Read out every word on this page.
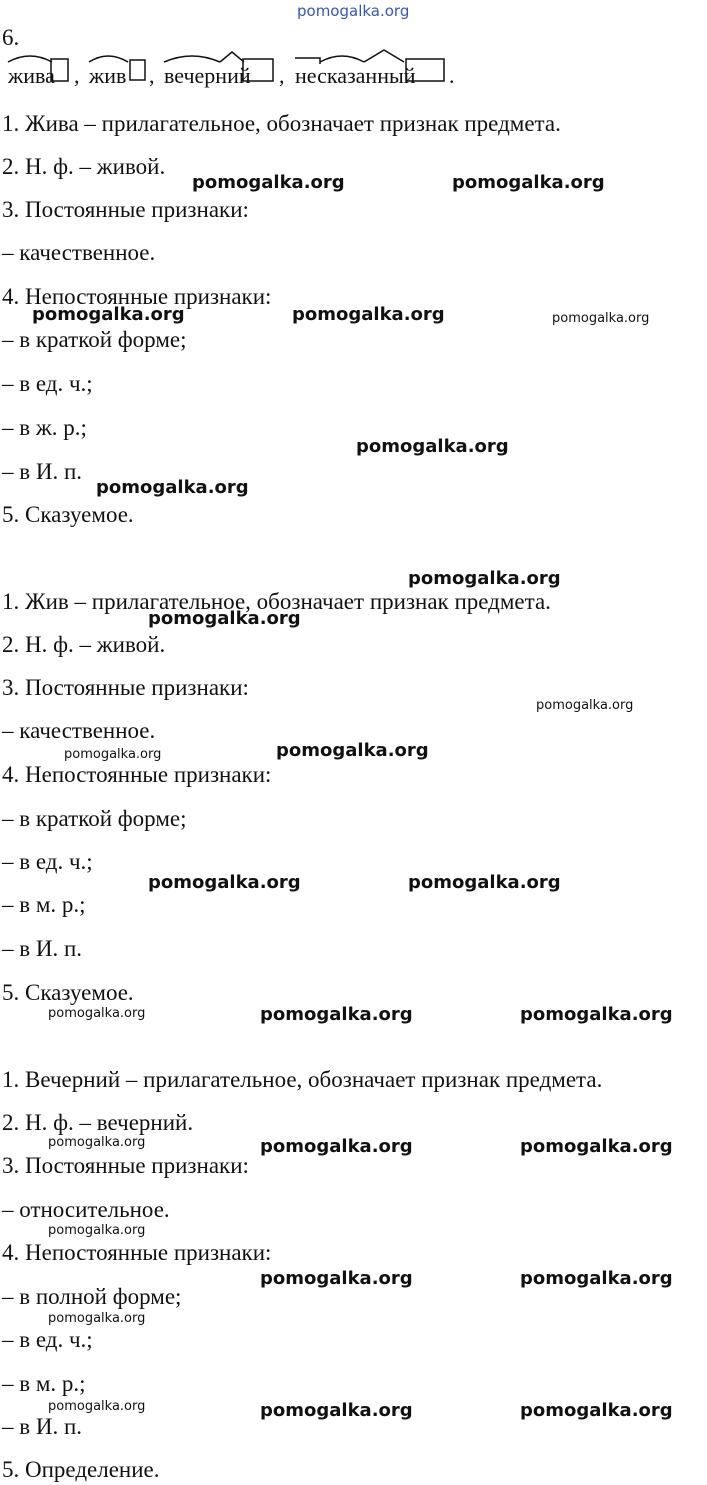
pomogalka.org
6.
жива , жив , вечерний , несказанный .

1. Жива – прилагательное, обозначает признак предмета.

2. Н. ф. – живой.

3. Постоянные признаки:

– качественное.

4. Непостоянные признаки:

– в краткой форме;

– в ед. ч.;

– в ж. р.;

– в И. п.

5. Сказуемое.

1. Жив – прилагательное, обозначает признак предмета.

2. Н. ф. – живой.

3. Постоянные признаки:

– качественное.

4. Непостоянные признаки:

– в краткой форме;

– в ед. ч.;

– в м. р.;

– в И. п.

5. Сказуемое.

1. Вечерний – прилагательное, обозначает признак предмета.

2. Н. ф. – вечерний.

3. Постоянные признаки:

– относительное.

4. Непостоянные признаки:

– в полной форме;

– в ед. ч.;

– в м. р.;

– в И. п.

5. Определение.

pomogalka.org	pomogalka.org
pomogalka.org	pomogalka.org	pomogalka.org
pomogalka.org
pomogalka.org
pomogalka.org
pomogalka.org
pomogalka.org
pomogalka.org
pomogalka.org
pomogalka.org	pomogalka.org
pomogalka.org	pomogalka.org	pomogalka.org
pomogalka.org	pomogalka.org	pomogalka.org
pomogalka.org
pomogalka.org	pomogalka.org
pomogalka.org
pomogalka.org	pomogalka.org	pomogalka.org
